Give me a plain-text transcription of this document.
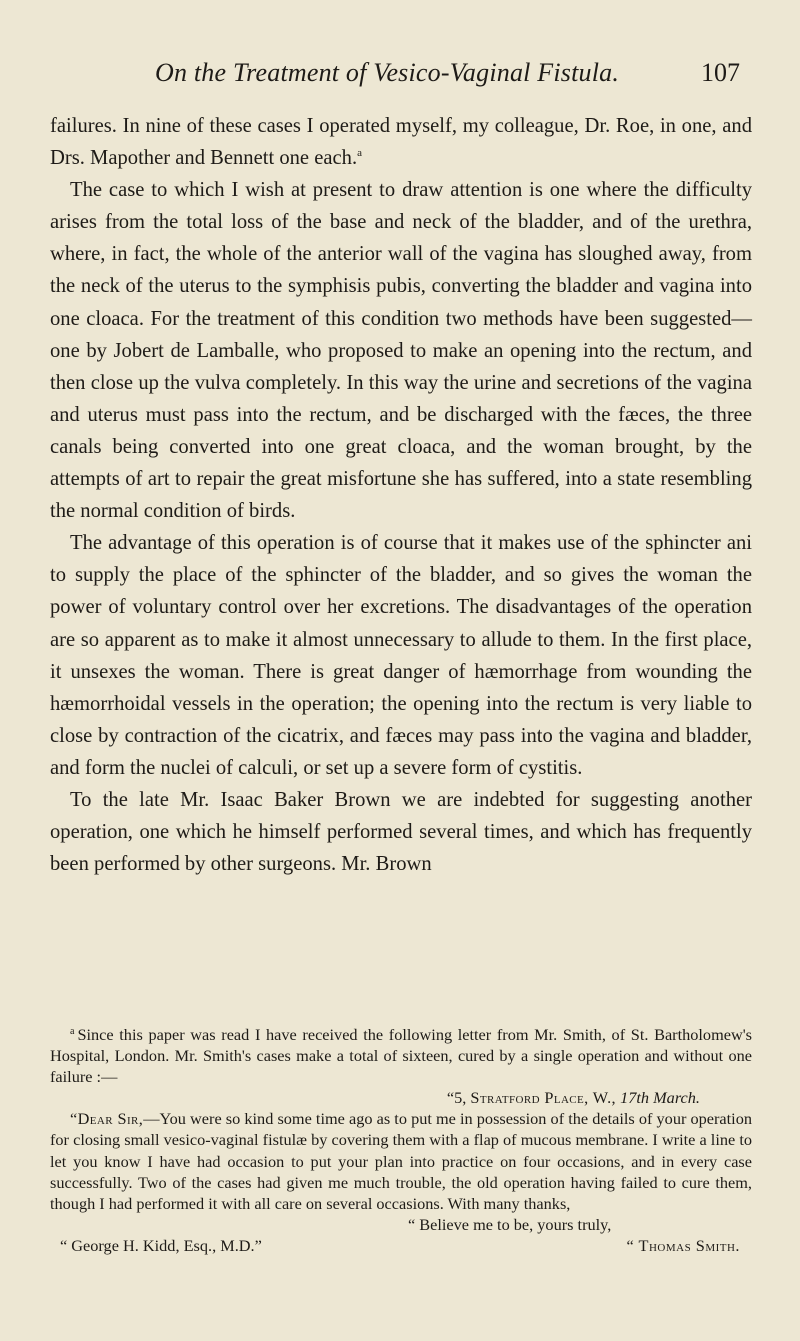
On the Treatment of Vesico-Vaginal Fistula.	107

failures. In nine of these cases I operated myself, my colleague, Dr. Roe, in one, and Drs. Mapother and Bennett one each.$^a$

The case to which I wish at present to draw attention is one where the difficulty arises from the total loss of the base and neck of the bladder, and of the urethra, where, in fact, the whole of the anterior wall of the vagina has sloughed away, from the neck of the uterus to the symphisis pubis, converting the bladder and vagina into one cloaca. For the treatment of this condition two methods have been suggested— one by Jobert de Lamballe, who proposed to make an opening into the rectum, and then close up the vulva completely. In this way the urine and secretions of the vagina and uterus must pass into the rectum, and be discharged with the fæces, the three canals being converted into one great cloaca, and the woman brought, by the attempts of art to repair the great misfortune she has suffered, into a state resembling the normal condition of birds.

The advantage of this operation is of course that it makes use of the sphincter ani to supply the place of the sphincter of the bladder, and so gives the woman the power of voluntary control over her excretions. The disadvantages of the operation are so apparent as to make it almost unnecessary to allude to them. In the first place, it unsexes the woman. There is great danger of hæmorrhage from wounding the hæmorrhoidal vessels in the operation; the opening into the rectum is very liable to close by contraction of the cicatrix, and fæces may pass into the vagina and bladder, and form the nuclei of calculi, or set up a severe form of cystitis.

To the late Mr. Isaac Baker Brown we are indebted for suggesting another operation, one which he himself performed several times, and which has frequently been performed by other surgeons. Mr. Brown

$^a$ Since this paper was read I have received the following letter from Mr. Smith, of St. Bartholomew's Hospital, London. Mr. Smith's cases make a total of sixteen, cured by a single operation and without one failure :—

“5, Stratford Place, W., 17th March.

“Dear Sir,—You were so kind some time ago as to put me in possession of the details of your operation for closing small vesico-vaginal fistulæ by covering them with a flap of mucous membrane. I write a line to let you know I have had occasion to put your plan into practice on four occasions, and in every case successfully. Two of the cases had given me much trouble, the old operation having failed to cure them, though I had performed it with all care on several occasions. With many thanks,

“ Believe me to be, yours truly,
“ George H. Kidd, Esq., M.D.”	“ Thomas Smith.
